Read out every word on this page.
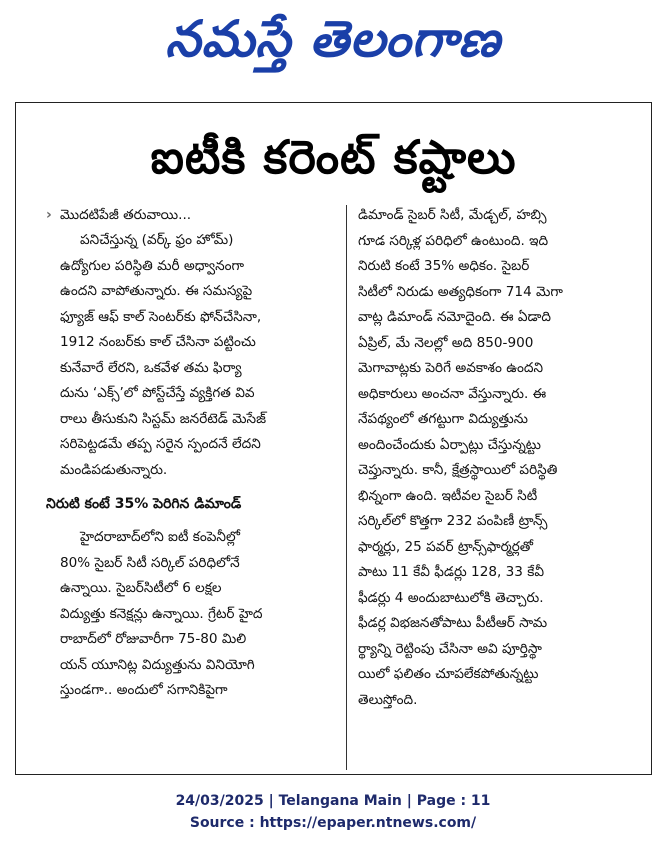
నమస్తే తెలంగాణ
ఐటీకి కరెంట్ కష్టాలు
› మొదటిపేజీ తరువాయి...
పనిచేస్తున్న (వర్క్ ఫ్రం హోమ్)
ఉద్యోగుల పరిస్థితి మరీ అధ్వానంగా
ఉందని వాపోతున్నారు. ఈ సమస్యపై
ఫ్యూజ్ ఆఫ్ కాల్ సెంటర్‌కు ఫోన్‌చేసినా,
1912 నంబర్‌కు కాల్ చేసినా పట్టించు
కునేవారే లేరని, ఒకవేళ తమ ఫిర్యా
దును ‘ఎక్స్’లో పోస్ట్‌చేస్తే వ్యక్తిగత వివ
రాలు తీసుకుని సిస్టమ్ జనరేటెడ్ మెసేజ్
సరిపెట్టడమే తప్ప సరైన స్పందనే లేదని
మండిపడుతున్నారు.
నిరుటి కంటే 35% పెరిగిన డిమాండ్
హైదరాబాద్‌లోని ఐటీ కంపెనీల్లో
80% సైబర్ సిటీ సర్కిల్ పరిధిలోనే
ఉన్నాయి. సైబర్‌సిటీలో 6 లక్షల
విద్యుత్తు కనెక్షన్లు ఉన్నాయి. గ్రేటర్ హైద
రాబాద్‌లో రోజువారీగా 75-80 మిలి
యన్ యూనిట్ల విద్యుత్తును వినియోగి
స్తుండగా.. అందులో సగానికిపైగా
డిమాండ్ సైబర్ సిటీ, మేడ్చల్, హబ్సి
గూడ సర్కిళ్ల పరిధిలో ఉంటుంది. ఇది
నిరుటి కంటే 35% అధికం. సైబర్
సిటీలో నిరుడు అత్యధికంగా 714 మెగా
వాట్ల డిమాండ్ నమోదైంది. ఈ ఏడాది
ఏప్రిల్, మే నెలల్లో అది 850-900
మెగావాట్లకు పెరిగే అవకాశం ఉందని
అధికారులు అంచనా వేస్తున్నారు. ఈ
నేపథ్యంలో తగట్టుగా విద్యుత్తును
అందించేందుకు ఏర్పాట్లు చేస్తున్నట్టు
చెప్తున్నారు. కానీ, క్షేత్రస్థాయిలో పరిస్థితి
భిన్నంగా ఉంది. ఇటీవల సైబర్ సిటీ
సర్కిల్‌లో కొత్తగా 232 పంపిణీ ట్రాన్స్
ఫార్మర్లు, 25 పవర్ ట్రాన్స్‌ఫార్మర్లతో
పాటు 11 కేవీ ఫీడర్లు 128, 33 కేవీ
ఫీడర్లు 4 అందుబాటులోకి తెచ్చారు.
ఫీడర్ల విభజనతోపాటు పీటీఆర్ సామ
ర్థ్యాన్ని రెట్టింపు చేసినా అవి పూర్తిస్థా
యిలో ఫలితం చూపలేకపోతున్నట్టు
తెలుస్తోంది.
24/03/2025 | Telangana Main | Page : 11
Source : https://epaper.ntnews.com/
